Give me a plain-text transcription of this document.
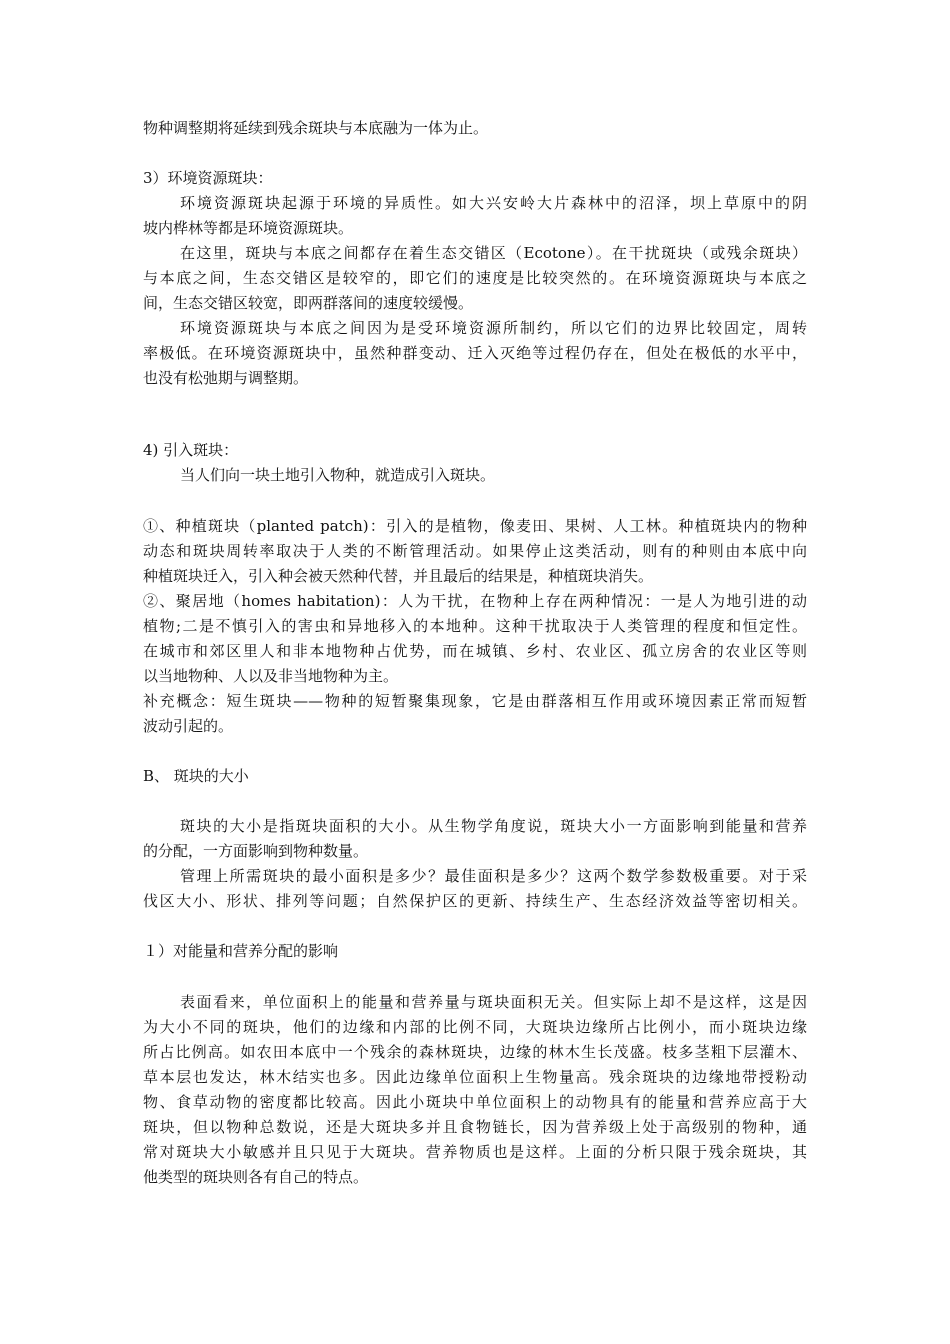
物种调整期将延续到残余斑块与本底融为一体为止。
3）环境资源斑块：
环境资源斑块起源于环境的异质性。如大兴安岭大片森林中的沼泽，坝上草原中的阴
坡内桦林等都是环境资源斑块。
在这里，斑块与本底之间都存在着生态交错区（Ecotone）。在干扰斑块（或残余斑块）
与本底之间，生态交错区是较窄的，即它们的速度是比较突然的。在环境资源斑块与本底之
间，生态交错区较宽，即两群落间的速度较缓慢。
环境资源斑块与本底之间因为是受环境资源所制约，所以它们的边界比较固定，周转
率极低。在环境资源斑块中，虽然种群变动、迁入灭绝等过程仍存在，但处在极低的水平中，
也没有松弛期与调整期。
4) 引入斑块：
当人们向一块土地引入物种，就造成引入斑块。
①、种植斑块（planted patch)：引入的是植物，像麦田、果树、人工林。种植斑块内的物种
动态和斑块周转率取决于人类的不断管理活动。如果停止这类活动，则有的种则由本底中向
种植斑块迁入，引入种会被天然种代替，并且最后的结果是，种植斑块消失。
②、聚居地（homes habitation)：人为干扰，在物种上存在两种情况：一是人为地引进的动
植物;二是不慎引入的害虫和异地移入的本地种。这种干扰取决于人类管理的程度和恒定性。
在城市和郊区里人和非本地物种占优势，而在城镇、乡村、农业区、孤立房舍的农业区等则
以当地物种、人以及非当地物种为主。
补充概念：短生斑块——物种的短暂聚集现象，它是由群落相互作用或环境因素正常而短暂
波动引起的。
B、 斑块的大小
斑块的大小是指斑块面积的大小。从生物学角度说，斑块大小一方面影响到能量和营养
的分配，一方面影响到物种数量。
管理上所需斑块的最小面积是多少？最佳面积是多少？这两个数学参数极重要。对于采
伐区大小、形状、排列等问题；自然保护区的更新、持续生产、生态经济效益等密切相关。
１）对能量和营养分配的影响
表面看来，单位面积上的能量和营养量与斑块面积无关。但实际上却不是这样，这是因
为大小不同的斑块，他们的边缘和内部的比例不同，大斑块边缘所占比例小，而小斑块边缘
所占比例高。如农田本底中一个残余的森林斑块，边缘的林木生长茂盛。枝多茎粗下层灌木、
草本层也发达，林木结实也多。因此边缘单位面积上生物量高。残余斑块的边缘地带授粉动
物、食草动物的密度都比较高。因此小斑块中单位面积上的动物具有的能量和营养应高于大
斑块，但以物种总数说，还是大斑块多并且食物链长，因为营养级上处于高级别的物种，通
常对斑块大小敏感并且只见于大斑块。营养物质也是这样。上面的分析只限于残余斑块，其
他类型的斑块则各有自己的特点。
